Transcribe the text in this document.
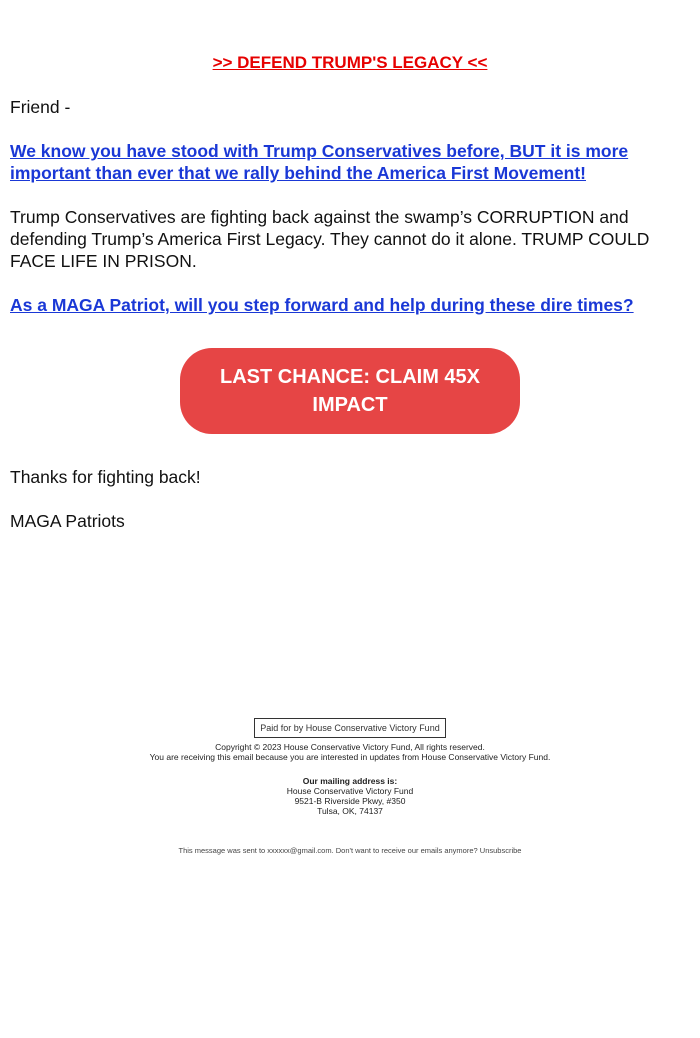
>> DEFEND TRUMP'S LEGACY <<

Friend -

We know you have stood with Trump Conservatives before, BUT it is more important than ever that we rally behind the America First Movement!

Trump Conservatives are fighting back against the swamp’s CORRUPTION and defending Trump’s America First Legacy. They cannot do it alone. TRUMP COULD FACE LIFE IN PRISON.

As a MAGA Patriot, will you step forward and help during these dire times?

LAST CHANCE: CLAIM 45X IMPACT

Thanks for fighting back!

MAGA Patriots

Paid for by House Conservative Victory Fund

Copyright © 2023 House Conservative Victory Fund, All rights reserved.

You are receiving this email because you are interested in updates from House Conservative Victory Fund.

Our mailing address is:

House Conservative Victory Fund

9521-B Riverside Pkwy, #350

Tulsa, OK, 74137

This message was sent to xxxxxx@gmail.com. Don't want to receive our emails anymore? Unsubscribe
